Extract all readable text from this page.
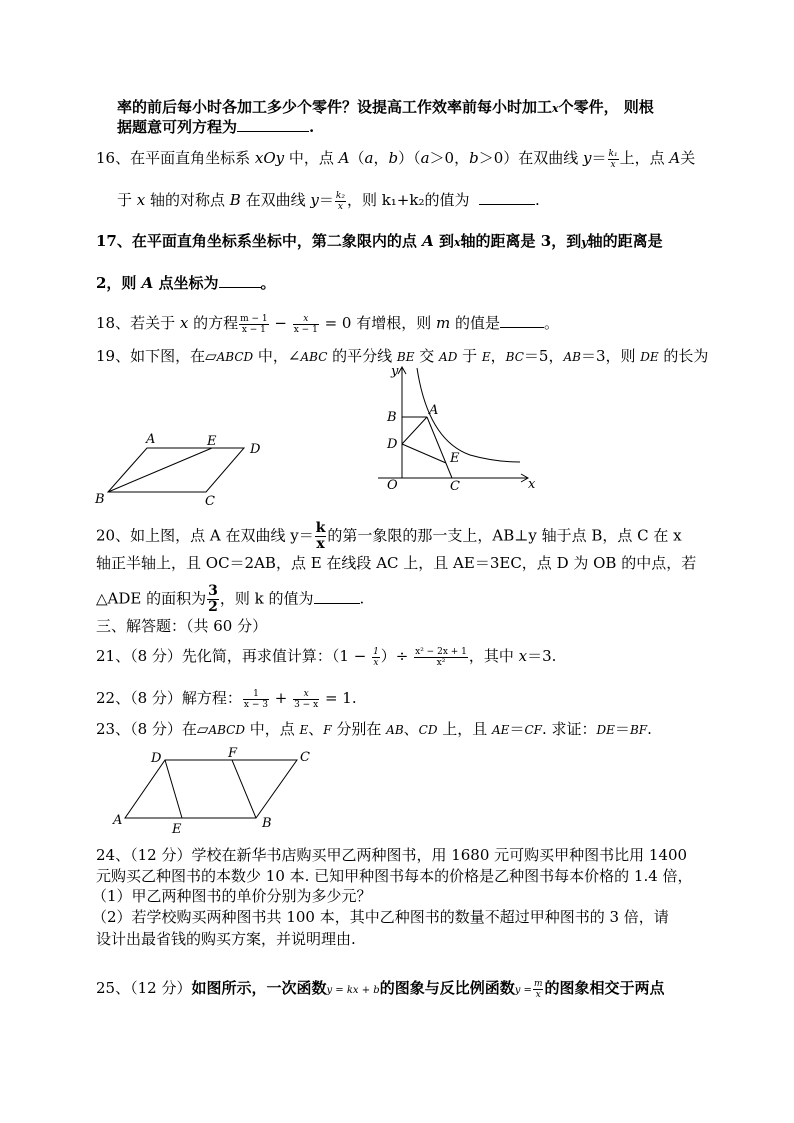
率的前后每小时各加工多少个零件？设提高工作效率前每小时加工x个零件， 则根
据题意可列方程为	.
16、在平面直角坐标系 xOy 中，点 A（a，b）（a＞0，b＞0）在双曲线 $y= \frac{\text{k₁}}{x}$ 上，点 A关
于 x 轴的对称点 B 在双曲线 $y= \frac{\text{k₂}}{x}$ ，则 k₁+k₂的值为	.
17、在平面直角坐标系坐标中，第二象限内的点 A 到x轴的距离是 3，到y轴的距离是
2，则 A 点坐标为	。
18、若关于 x 的方程 $\frac{m - 1}{x - 1} - \frac{x}{x - 1} = 0$ 有增根，则 m 的值是	。
19、如下图，在▱ABCD 中，∠ABC 的平分线 BE 交 AD 于 E，BC＝5，AB＝3，则 DE 的长为
A	E
D
B	C
y
x
O
A
B
D
E
C
20、如上图，点 A 在双曲线 $y= \frac{k}{x}$ 的第一象限的那一支上，AB⊥y 轴于点 B，点 C 在 x
轴正半轴上，且 OC＝2AB，点 E 在线段 AC 上，且 AE＝3EC，点 D 为 OB 的中点，若
△ADE 的面积为 $\frac{3}{2}$ ，则 k 的值为	.
三、解答题：（共 60 分）
21、（8 分）先化简，再求值计算：（$1 - \frac{1}{x}$ ）÷ $\frac{\text{x² − 2x + 1}}{\text{x²}}$ ，其中 x＝3.
22、（8 分）解方程： $\frac{1}{x - 3} + \frac{x}{3 - x} = 1$.
23、（8 分）在▱ABCD 中，点 E、F 分别在 AB、CD 上，且 AE＝CF. 求证：DE＝BF.
D	F	C
A
E	B
24、（12 分）学校在新华书店购买甲乙两种图书，用 1680 元可购买甲种图书比用 1400
元购买乙种图书的本数少 10 本. 已知甲种图书每本的价格是乙种图书每本价格的 1.4 倍，
（1）甲乙两种图书的单价分别为多少元？
（2）若学校购买两种图书共 100 本，其中乙种图书的数量不超过甲种图书的 3 倍，请
设计出最省钱的购买方案，并说明理由.
25、（12 分）如图所示，一次函数y = kx + b的图象与反比例函数$y = \frac{m}{x}$ 的图象相交于两点
